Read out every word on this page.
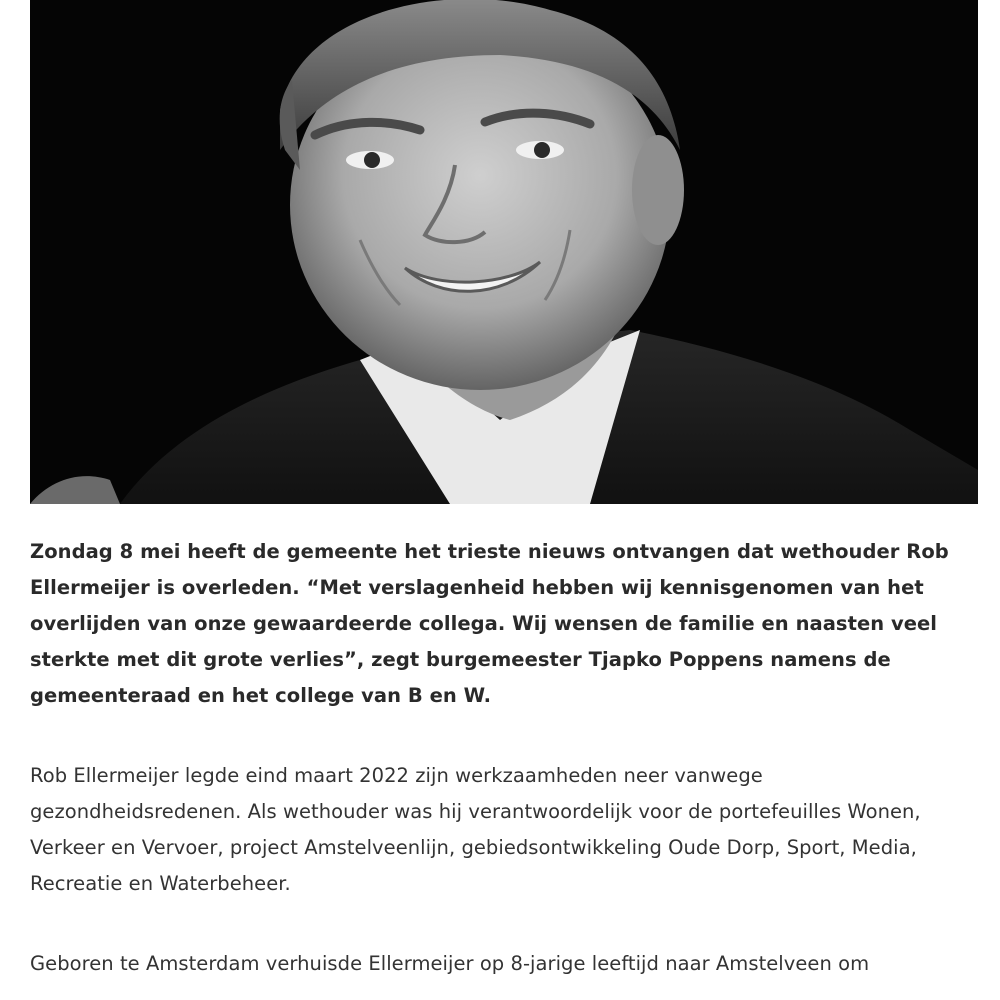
Zondag 8 mei heeft de gemeente het trieste nieuws ontvangen dat wethouder Rob Ellermeijer is overleden. “Met verslagenheid hebben wij kennisgenomen van het overlijden van onze gewaardeerde collega. Wij wensen de familie en naasten veel sterkte met dit grote verlies”, zegt burgemeester Tjapko Poppens namens de gemeenteraad en het college van B en W.

Rob Ellermeijer legde eind maart 2022 zijn werkzaamheden neer vanwege gezondheidsredenen. Als wethouder was hij verantwoordelijk voor de portefeuilles Wonen, Verkeer en Vervoer, project Amstelveenlijn, gebiedsontwikkeling Oude Dorp, Sport, Media, Recreatie en Waterbeheer.

Geboren te Amsterdam verhuisde Ellermeijer op 8-jarige leeftijd naar Amstelveen om
